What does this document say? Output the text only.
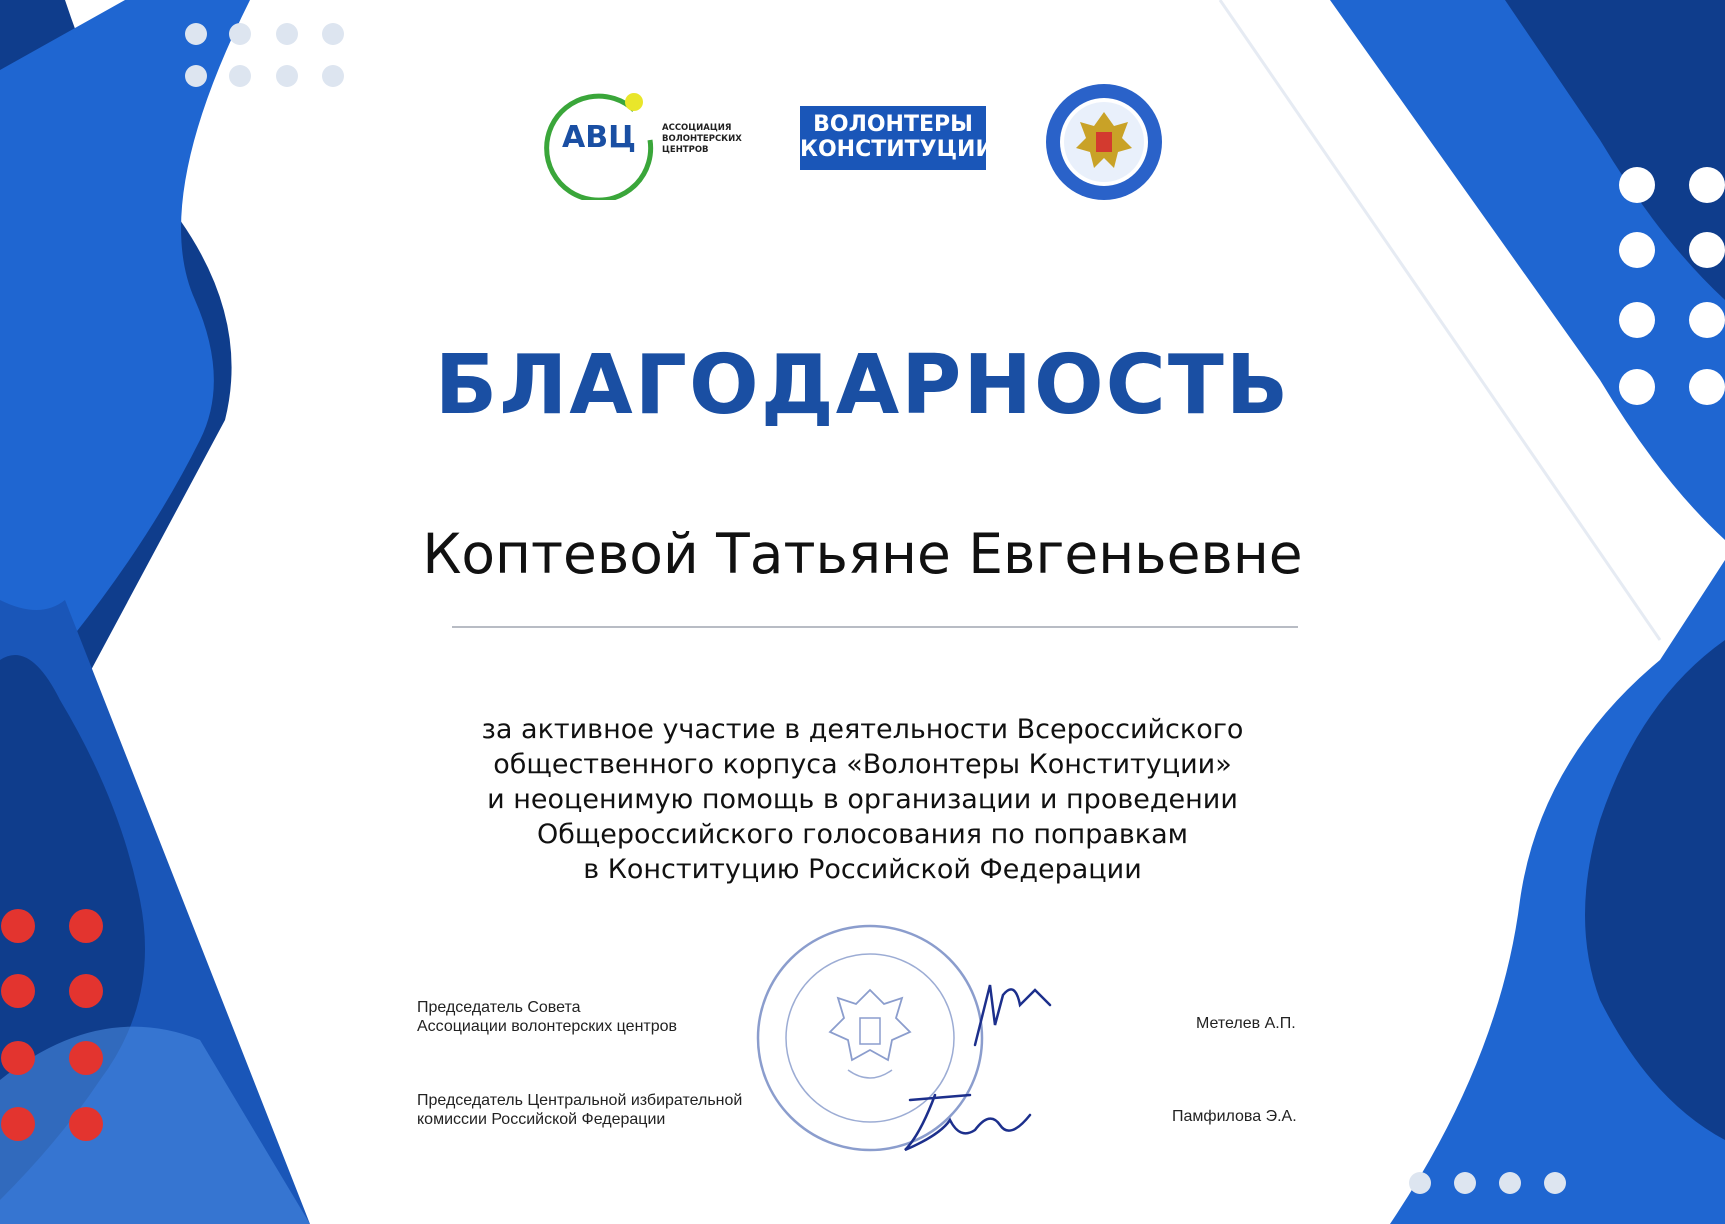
АВЦ	АССОЦИАЦИЯ
ВОЛОНТЕРСКИХ
ЦЕНТРОВ
ВОЛОНТЕРЫ
КОНСТИТУЦИИ
БЛАГОДАРНОСТЬ
Коптевой Татьяне Евгеньевне
за активное участие в деятельности Всероссийского
общественного корпуса «Волонтеры Конституции»
и неоценимую помощь в организации и проведении
Общероссийского голосования по поправкам
в Конституцию Российской Федерации
Председатель Совета
Ассоциации волонтерских центров	Метелев А.П.
Председатель Центральной избирательной
комиссии Российской Федерации	Памфилова Э.А.
